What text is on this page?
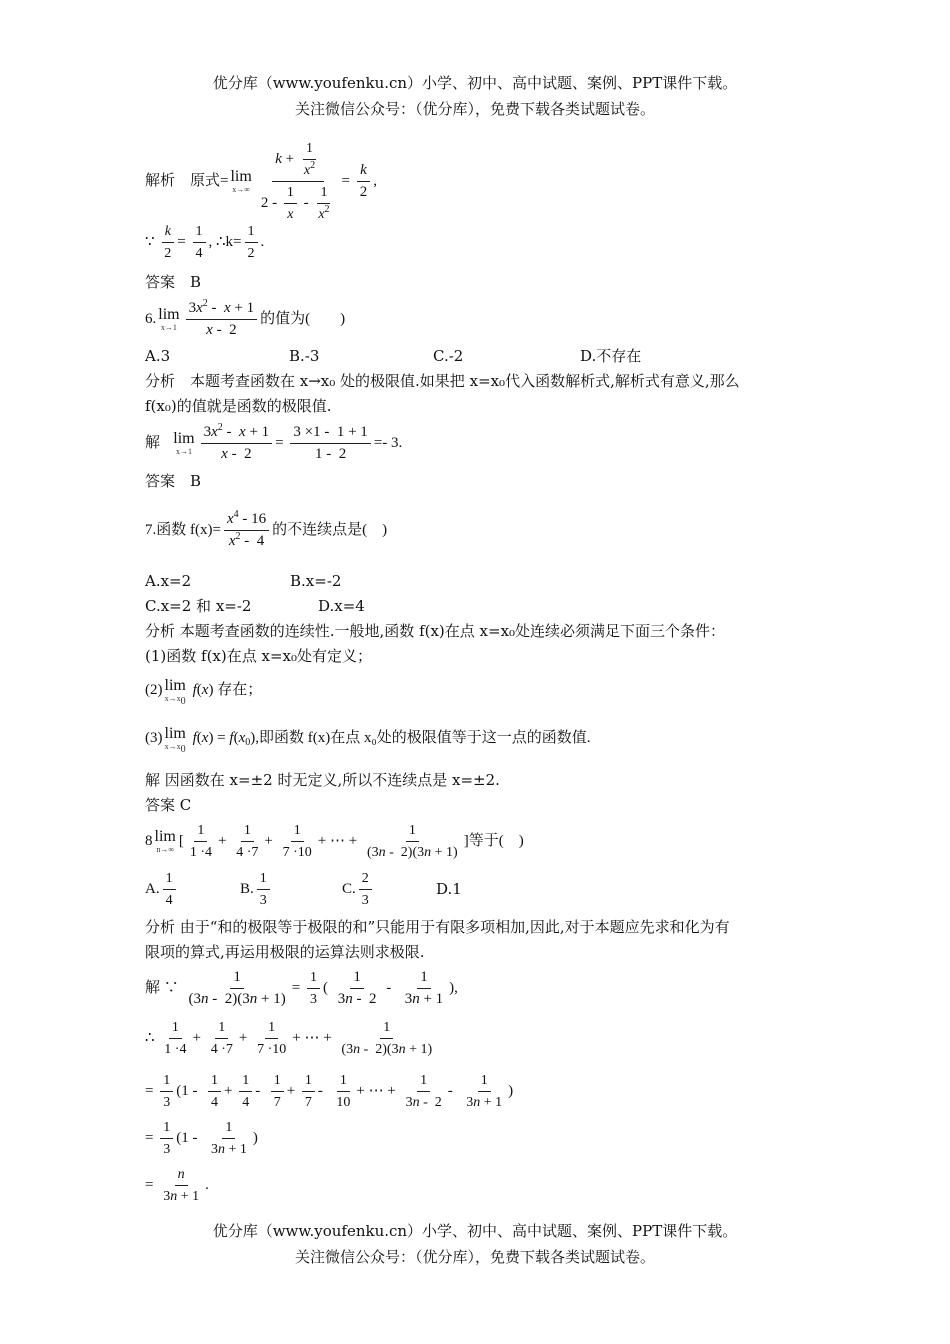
优分库（www.youfenku.cn）小学、初中、高中试题、案例、PPT课件下载。
关注微信公众号：（优分库），免费下载各类试题试卷。
解析 原式= lim
$x\to\infty \frac{k + \frac{1}{x^2}}{2 - \frac{1}{x} - \frac{1}{x^2}} = \frac{k}{2}$ ,
∵ $\frac{k}{2} = \frac{1}{4}$ , ∴k= $\frac{1}{2}$ .
答案　B
6. lim
$x\to 1 \frac{3x^2 - x + 1}{x - 2}$ 的值为(　　)
A.3	B.-3	C.-2	D.不存在
分析　本题考查函数在 x→x₀ 处的极限值.如果把 x=x₀代入函数解析式,解析式有意义,那么
f(x₀)的值就是函数的极限值.
解 lim
$x\to 1 \frac{3x^2 - x + 1}{x - 2} = \frac{3 \times 1 - 1 + 1}{1 - 2} =- 3$.
答案　B
7.函数 $f(x)= \frac{x^4 - 16}{x^2 - 4}$ 的不连续点是(　)
A.x=2	B.x=-2
C.x=2 和 x=-2	D.x=4
分析 本题考查函数的连续性.一般地,函数 f(x)在点 x=x₀处连续必须满足下面三个条件：
(1)函数 f(x)在点 x=x₀处有定义；
(2) lim
$x\to x_0$
f(x) 存在；
(3) lim
$x\to x_0$
$f(x) = f(x_0)$,即函数 f(x)在点 x₀处的极限值等于这一点的函数值.
解 因函数在 x=±2 时无定义,所以不连续点是 x=±2.
答案 C
8 lim
n→∞
[ $\frac{1}{1 \cdot 4} + \frac{1}{4 \cdot 7} + \frac{1}{7 \cdot 10}$ + ⋯ + $\frac{1}{(3n - 2)(3n + 1)}$ ]等于(　)
A. $\frac{1}{4}$	B. $\frac{1}{3}$	C. $\frac{2}{3}$	D.1
分析 由于“和的极限等于极限的和”只能用于有限多项相加,因此,对于本题应先求和化为有
限项的算式,再运用极限的运算法则求极限.
解 ∵ $\frac{1}{(3n - 2)(3n + 1)} = \frac{1}{3}$ ( $\frac{1}{3n - 2} - \frac{1}{3n + 1}$ ),
∴ $\frac{1}{1 \cdot 4} + \frac{1}{4 \cdot 7} + \frac{1}{7 \cdot 10}$ + ⋯ + $\frac{1}{(3n - 2)(3n + 1)}$
= $\frac{1}{3} (1 - \frac{1}{4} + \frac{1}{4} - \frac{1}{7} + \frac{1}{7} - \frac{1}{10}$ + ⋯ + $\frac{1}{3n - 2} - \frac{1}{3n + 1}$ )
= $\frac{1}{3} (1 - \frac{1}{3n + 1}$ )
= $\frac{n}{3n + 1}$ .
优分库（www.youfenku.cn）小学、初中、高中试题、案例、PPT课件下载。
关注微信公众号：（优分库），免费下载各类试题试卷。
